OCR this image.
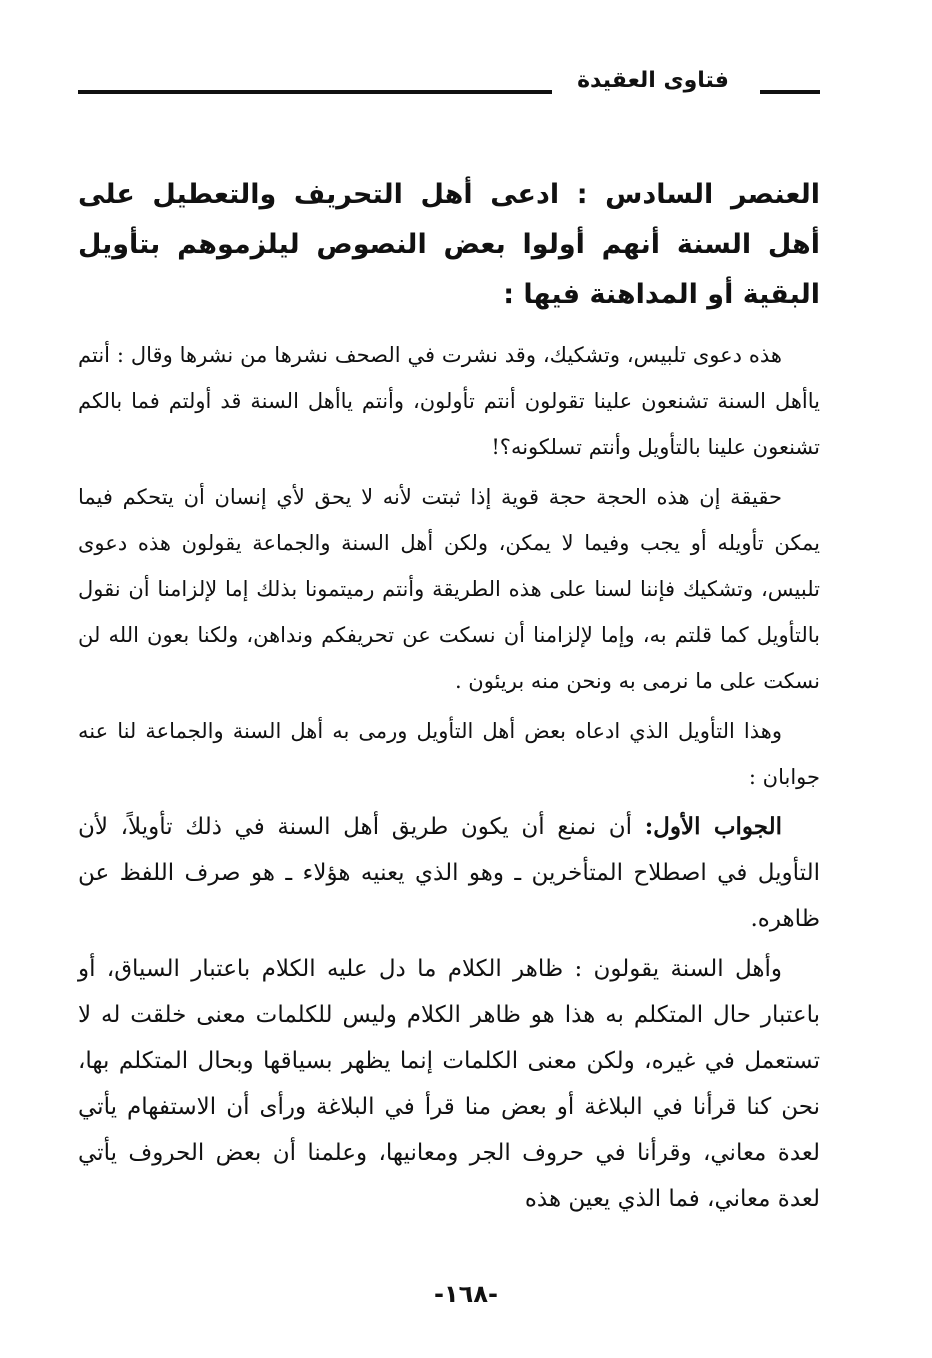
فتاوى العقيدة

العنصر السادس : ادعى أهل التحريف والتعطيل على أهل السنة أنهم أولوا بعض النصوص ليلزموهم بتأويل البقية أو المداهنة فيها :

هذه دعوى تلبيس، وتشكيك، وقد نشرت في الصحف نشرها من نشرها وقال : أنتم ياأهل السنة تشنعون علينا تقولون أنتم تأولون، وأنتم ياأهل السنة قد أولتم فما بالكم تشنعون علينا بالتأويل وأنتم تسلكونه؟!

حقيقة إن هذه الحجة حجة قوية إذا ثبتت لأنه لا يحق لأي إنسان أن يتحكم فيما يمكن تأويله أو يجب وفيما لا يمكن، ولكن أهل السنة والجماعة يقولون هذه دعوى تلبيس، وتشكيك فإننا لسنا على هذه الطريقة وأنتم رميتمونا بذلك إما لإلزامنا أن نقول بالتأويل كما قلتم به، وإما لإلزامنا أن نسكت عن تحريفكم ونداهن، ولكنا بعون الله لن نسكت على ما نرمى به ونحن منه بريئون .

وهذا التأويل الذي ادعاه بعض أهل التأويل ورمى به أهل السنة والجماعة لنا عنه جوابان :

الجواب الأول: أن نمنع أن يكون طريق أهل السنة في ذلك تأويلاً، لأن التأويل في اصطلاح المتأخرين ـ وهو الذي يعنيه هؤلاء ـ هو صرف اللفظ عن ظاهره.

وأهل السنة يقولون : ظاهر الكلام ما دل عليه الكلام باعتبار السياق، أو باعتبار حال المتكلم به هذا هو ظاهر الكلام وليس للكلمات معنى خلقت له لا تستعمل في غيره، ولكن معنى الكلمات إنما يظهر بسياقها وبحال المتكلم بها، نحن كنا قرأنا في البلاغة أو بعض منا قرأ في البلاغة ورأى أن الاستفهام يأتي لعدة معاني، وقرأنا في حروف الجر ومعانيها، وعلمنا أن بعض الحروف يأتي لعدة معاني، فما الذي يعين هذه

-١٦٨-
